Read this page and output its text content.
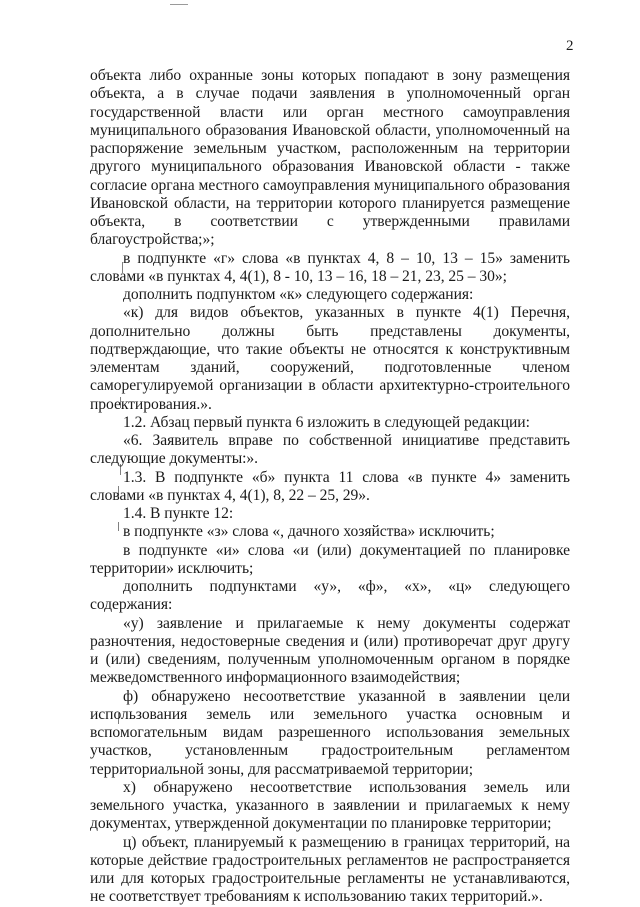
2

объекта либо охранные зоны которых попадают в зону размещения объекта, а в случае подачи заявления в уполномоченный орган государственной власти или орган местного самоуправления муниципального образования Ивановской области, уполномоченный на распоряжение земельным участком, расположенным на территории другого муниципального образования Ивановской области - также согласие органа местного самоуправления муниципального образования Ивановской области, на территории которого планируется размещение объекта, в соответствии с утвержденными правилами благоустройства;»;

в подпункте «г» слова «в пунктах 4, 8 – 10, 13 – 15» заменить словами «в пунктах 4, 4(1), 8 - 10, 13 – 16, 18 – 21, 23, 25 – 30»;

дополнить подпунктом «к» следующего содержания:

«к) для видов объектов, указанных в пункте 4(1) Перечня, дополнительно должны быть представлены документы, подтверждающие, что такие объекты не относятся к конструктивным элементам зданий, сооружений, подготовленные членом саморегулируемой организации в области архитектурно-строительного проектирования.».

1.2. Абзац первый пункта 6 изложить в следующей редакции:

«6. Заявитель вправе по собственной инициативе представить следующие документы:».

1.3. В подпункте «б» пункта 11 слова «в пункте 4» заменить словами «в пунктах 4, 4(1), 8, 22 – 25, 29».

1.4. В пункте 12:

в подпункте «з» слова «, дачного хозяйства» исключить;

в подпункте «и» слова «и (или) документацией по планировке территории» исключить;

дополнить подпунктами «у», «ф», «х», «ц» следующего содержания:

«у) заявление и прилагаемые к нему документы содержат разночтения, недостоверные сведения и (или) противоречат друг другу и (или) сведениям, полученным уполномоченным органом в порядке межведомственного информационного взаимодействия;

ф) обнаружено несоответствие указанной в заявлении цели использования земель или земельного участка основным и вспомогательным видам разрешенного использования земельных участков, установленным градостроительным регламентом территориальной зоны, для рассматриваемой территории;

х) обнаружено несоответствие использования земель или земельного участка, указанного в заявлении и прилагаемых к нему документах, утвержденной документации по планировке территории;

ц) объект, планируемый к размещению в границах территорий, на которые действие градостроительных регламентов не распространяется или для которых градостроительные регламенты не устанавливаются, не соответствует требованиям к использованию таких территорий.».
